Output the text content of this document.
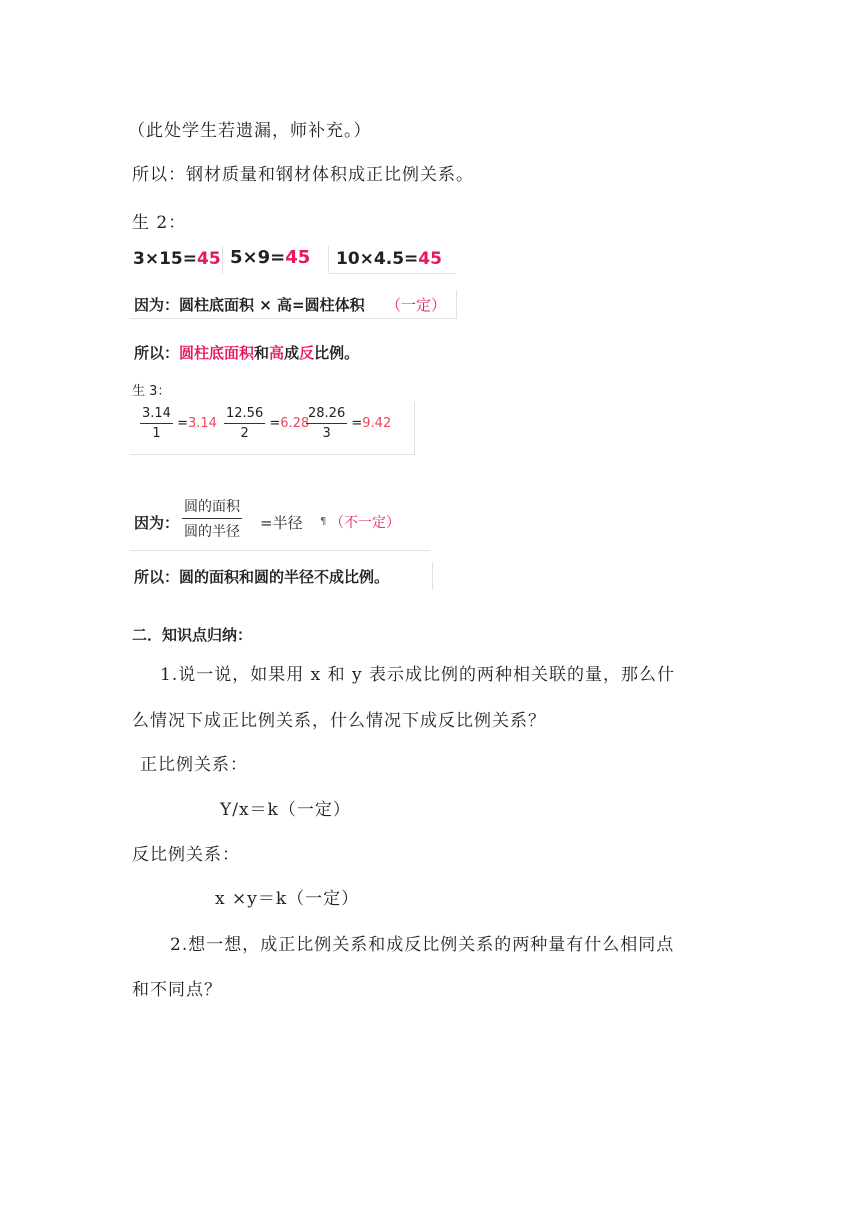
（此处学生若遗漏，师补充。）
所以：钢材质量和钢材体积成正比例关系。
生 2：
3×15=45 5×9=45 10×4.5=45
因为：圆柱底面积 × 高=圆柱体积 （一定）
所以：圆柱底面积和高成反比例。
生 3：
$\frac{3.14}{1} =3.14 \frac{12.56}{2} =6.28$
$\frac{28.26}{3} =9.42$
因为： $\frac{\text{圆的面积}}{\text{圆的半径}}$ =半径 ¶ （不一定）
所以：圆的面积和圆的半径不成比例。
二．知识点归纳：
1.说一说，如果用 x 和 y 表示成比例的两种相关联的量，那么什
么情况下成正比例关系，什么情况下成反比例关系？
正比例关系：
Y/x＝k（一定）
反比例关系：
x ×y＝k（一定）
2.想一想，成正比例关系和成反比例关系的两种量有什么相同点
和不同点？
